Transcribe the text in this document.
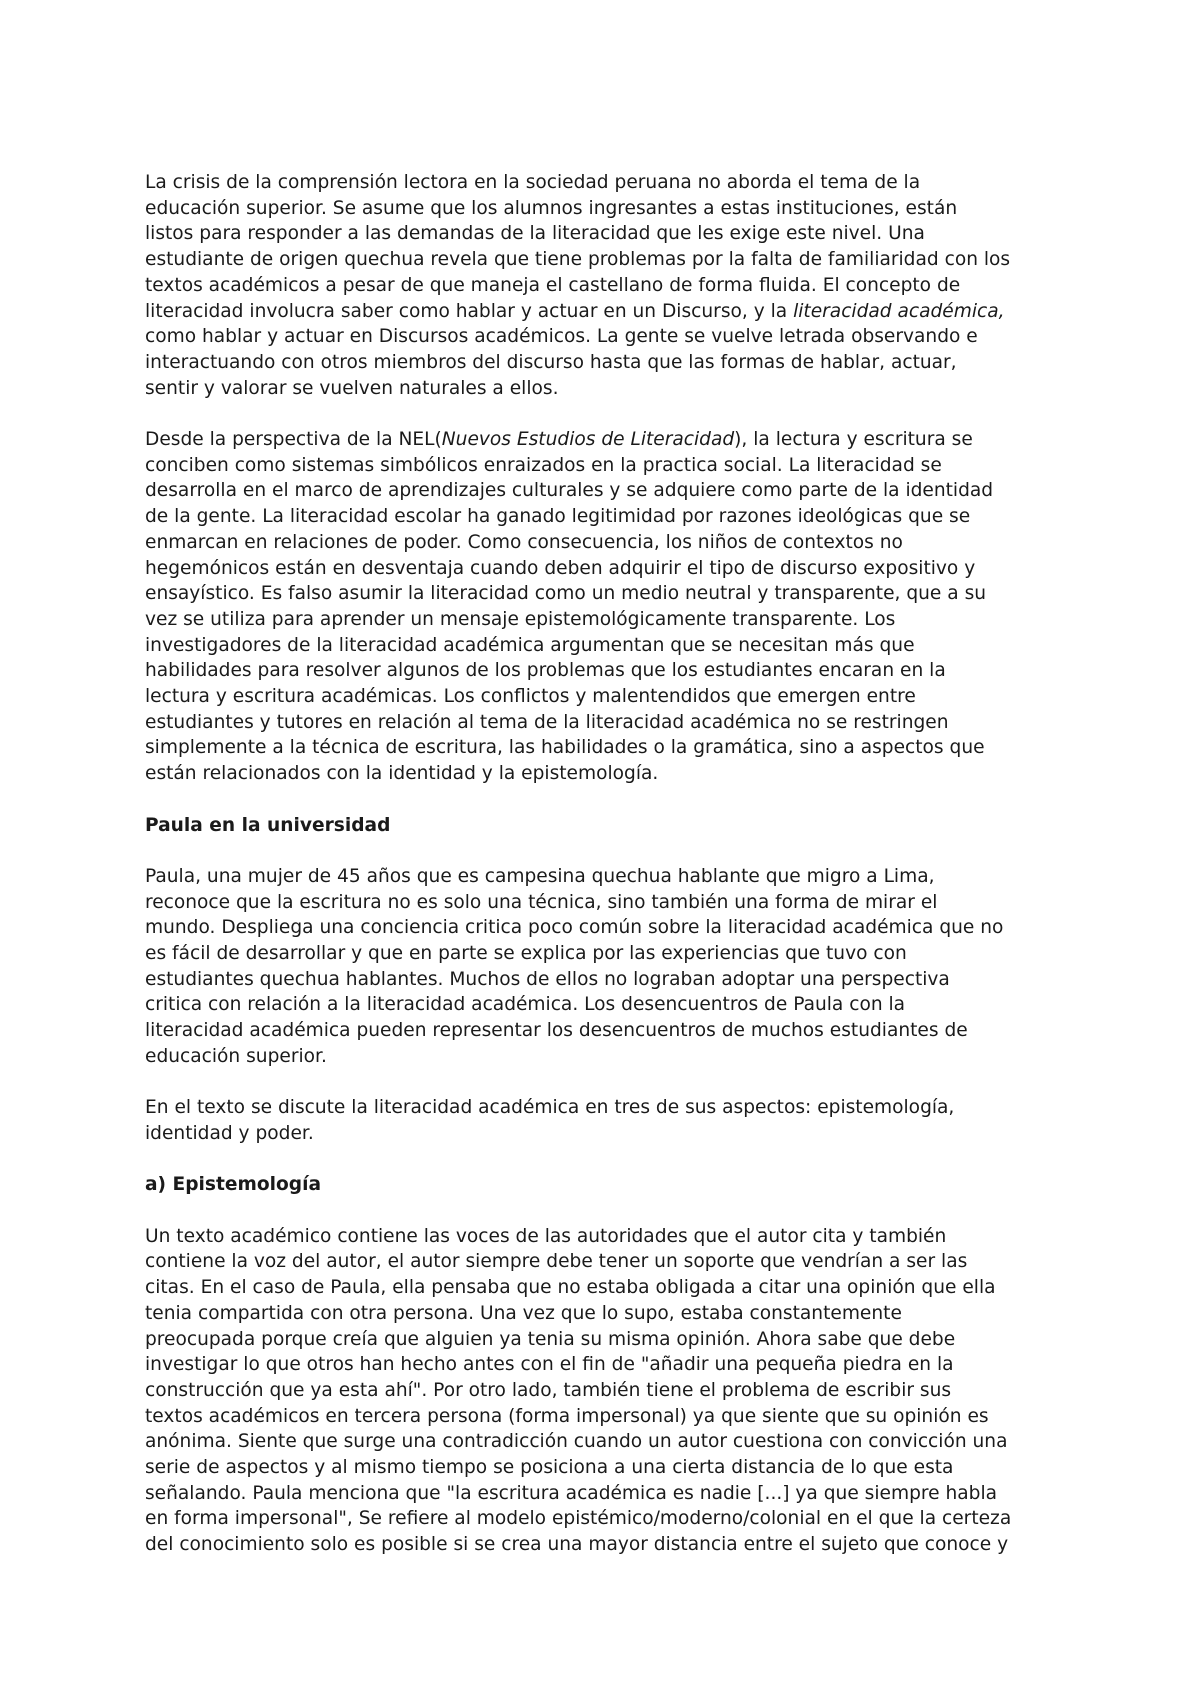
La crisis de la comprensión lectora en la sociedad peruana no aborda el tema de la
educación superior. Se asume que los alumnos ingresantes a estas instituciones, están
listos para responder a las demandas de la literacidad que les exige este nivel. Una
estudiante de origen quechua revela que tiene problemas por la falta de familiaridad con los
textos académicos a pesar de que maneja el castellano de forma fluida. El concepto de
literacidad involucra saber como hablar y actuar en un Discurso, y la literacidad académica,
como hablar y actuar en Discursos académicos. La gente se vuelve letrada observando e
interactuando con otros miembros del discurso hasta que las formas de hablar, actuar,
sentir y valorar se vuelven naturales a ellos.

Desde la perspectiva de la NEL(Nuevos Estudios de Literacidad), la lectura y escritura se
conciben como sistemas simbólicos enraizados en la practica social. La literacidad se
desarrolla en el marco de aprendizajes culturales y se adquiere como parte de la identidad
de la gente. La literacidad escolar ha ganado legitimidad por razones ideológicas que se
enmarcan en relaciones de poder. Como consecuencia, los niños de contextos no
hegemónicos están en desventaja cuando deben adquirir el tipo de discurso expositivo y
ensayístico. Es falso asumir la literacidad como un medio neutral y transparente, que a su
vez se utiliza para aprender un mensaje epistemológicamente transparente. Los
investigadores de la literacidad académica argumentan que se necesitan más que
habilidades para resolver algunos de los problemas que los estudiantes encaran en la
lectura y escritura académicas. Los conflictos y malentendidos que emergen entre
estudiantes y tutores en relación al tema de la literacidad académica no se restringen
simplemente a la técnica de escritura, las habilidades o la gramática, sino a aspectos que
están relacionados con la identidad y la epistemología.

Paula en la universidad

Paula, una mujer de 45 años que es campesina quechua hablante que migro a Lima,
reconoce que la escritura no es solo una técnica, sino también una forma de mirar el
mundo. Despliega una conciencia critica poco común sobre la literacidad académica que no
es fácil de desarrollar y que en parte se explica por las experiencias que tuvo con
estudiantes quechua hablantes. Muchos de ellos no lograban adoptar una perspectiva
critica con relación a la literacidad académica. Los desencuentros de Paula con la
literacidad académica pueden representar los desencuentros de muchos estudiantes de
educación superior.

En el texto se discute la literacidad académica en tres de sus aspectos: epistemología,
identidad y poder.

a) Epistemología

Un texto académico contiene las voces de las autoridades que el autor cita y también
contiene la voz del autor, el autor siempre debe tener un soporte que vendrían a ser las
citas. En el caso de Paula, ella pensaba que no estaba obligada a citar una opinión que ella
tenia compartida con otra persona. Una vez que lo supo, estaba constantemente
preocupada porque creía que alguien ya tenia su misma opinión. Ahora sabe que debe
investigar lo que otros han hecho antes con el fin de "añadir una pequeña piedra en la
construcción que ya esta ahí". Por otro lado, también tiene el problema de escribir sus
textos académicos en tercera persona (forma impersonal) ya que siente que su opinión es
anónima. Siente que surge una contradicción cuando un autor cuestiona con convicción una
serie de aspectos y al mismo tiempo se posiciona a una cierta distancia de lo que esta
señalando. Paula menciona que "la escritura académica es nadie [...] ya que siempre habla
en forma impersonal", Se refiere al modelo epistémico/moderno/colonial en el que la certeza
del conocimiento solo es posible si se crea una mayor distancia entre el sujeto que conoce y
